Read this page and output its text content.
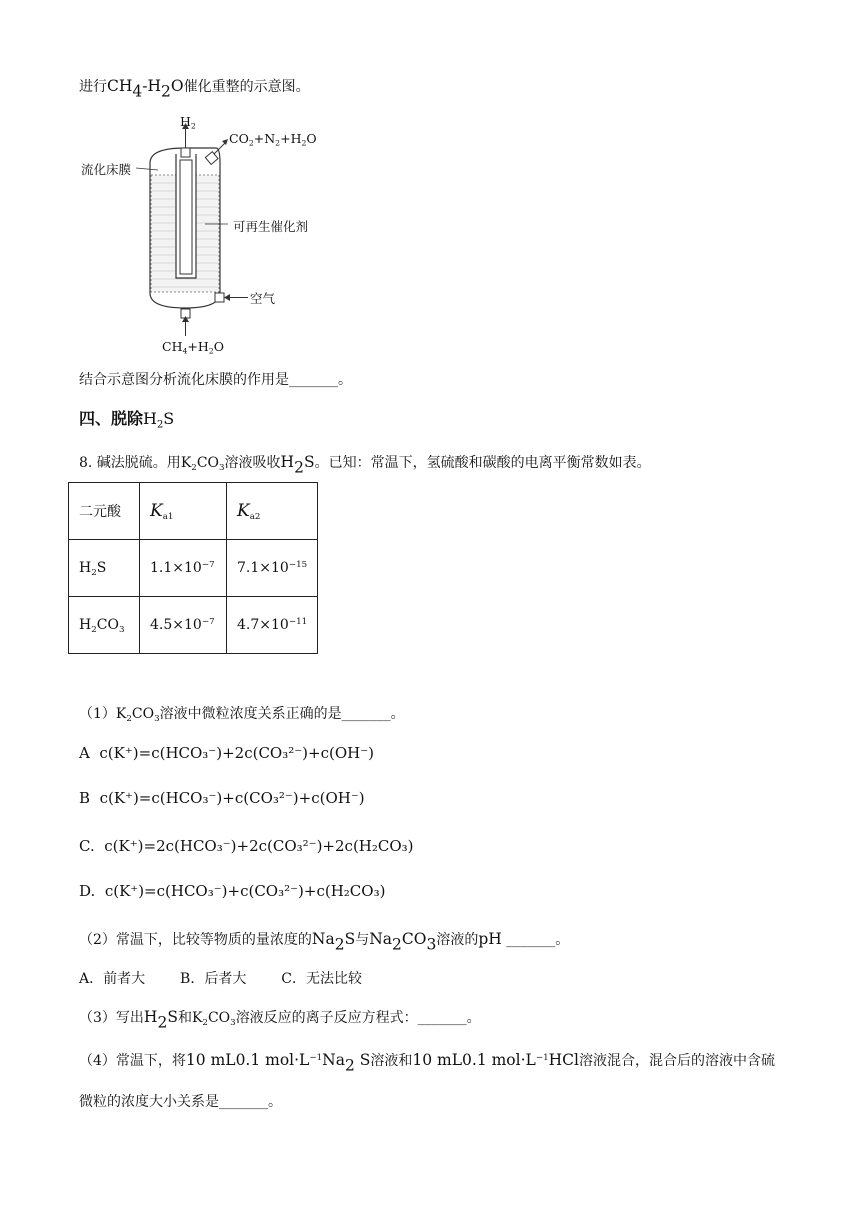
进行$CH_4-H_2O$催化重整的示意图。
$H_2$
$CO_2+N_2+H_2O$
流化床膜
可再生催化剂
空气
$CH_4+H_2O$
结合示意图分析流化床膜的作用是_______。
四、脱除$H_2S$
8. 碱法脱硫。用$K_2CO_3$溶液吸收$H_2S$。已知：常温下，氢硫酸和碳酸的电离平衡常数如表。
二元酸	$K_{a1}$	$K_{a2}$
$H_2S$	$1.1\times 10^{-7}$	$7.1\times 10^{-15}$
$H_2CO_3$	$4.5\times 10^{-7}$	$4.7\times 10^{-11}$
$(1)K_2CO_3$溶液中微粒浓度关系正确的是_______。
A c(K⁺)=c(HCO₃⁻)+2c(CO₃²⁻)+c(OH⁻)
B c(K⁺)=c(HCO₃⁻)+c(CO₃²⁻)+c(OH⁻)
C. c(K⁺)=2c(HCO₃⁻)+2c(CO₃²⁻)+2c(H₂CO₃)
D. c(K⁺)=c(HCO₃⁻)+c(CO₃²⁻)+c(H₂CO₃)
（2）常温下，比较等物质的量浓度的$Na_2S$与$Na_2CO_3$溶液的pH _______。
A．前者大 B．后者大 C．无法比较
（3）写出$H_2S$和$K_2CO_3$溶液反应的离子反应方程式：_______。
（4）常温下，将10 mL0.1 $mol\cdot L^{-1}Na_2$ S溶液和10 mL0.1 $mol\cdot L^{-1}HCl$溶液混合，混合后的溶液中含硫
微粒的浓度大小关系是_______。
